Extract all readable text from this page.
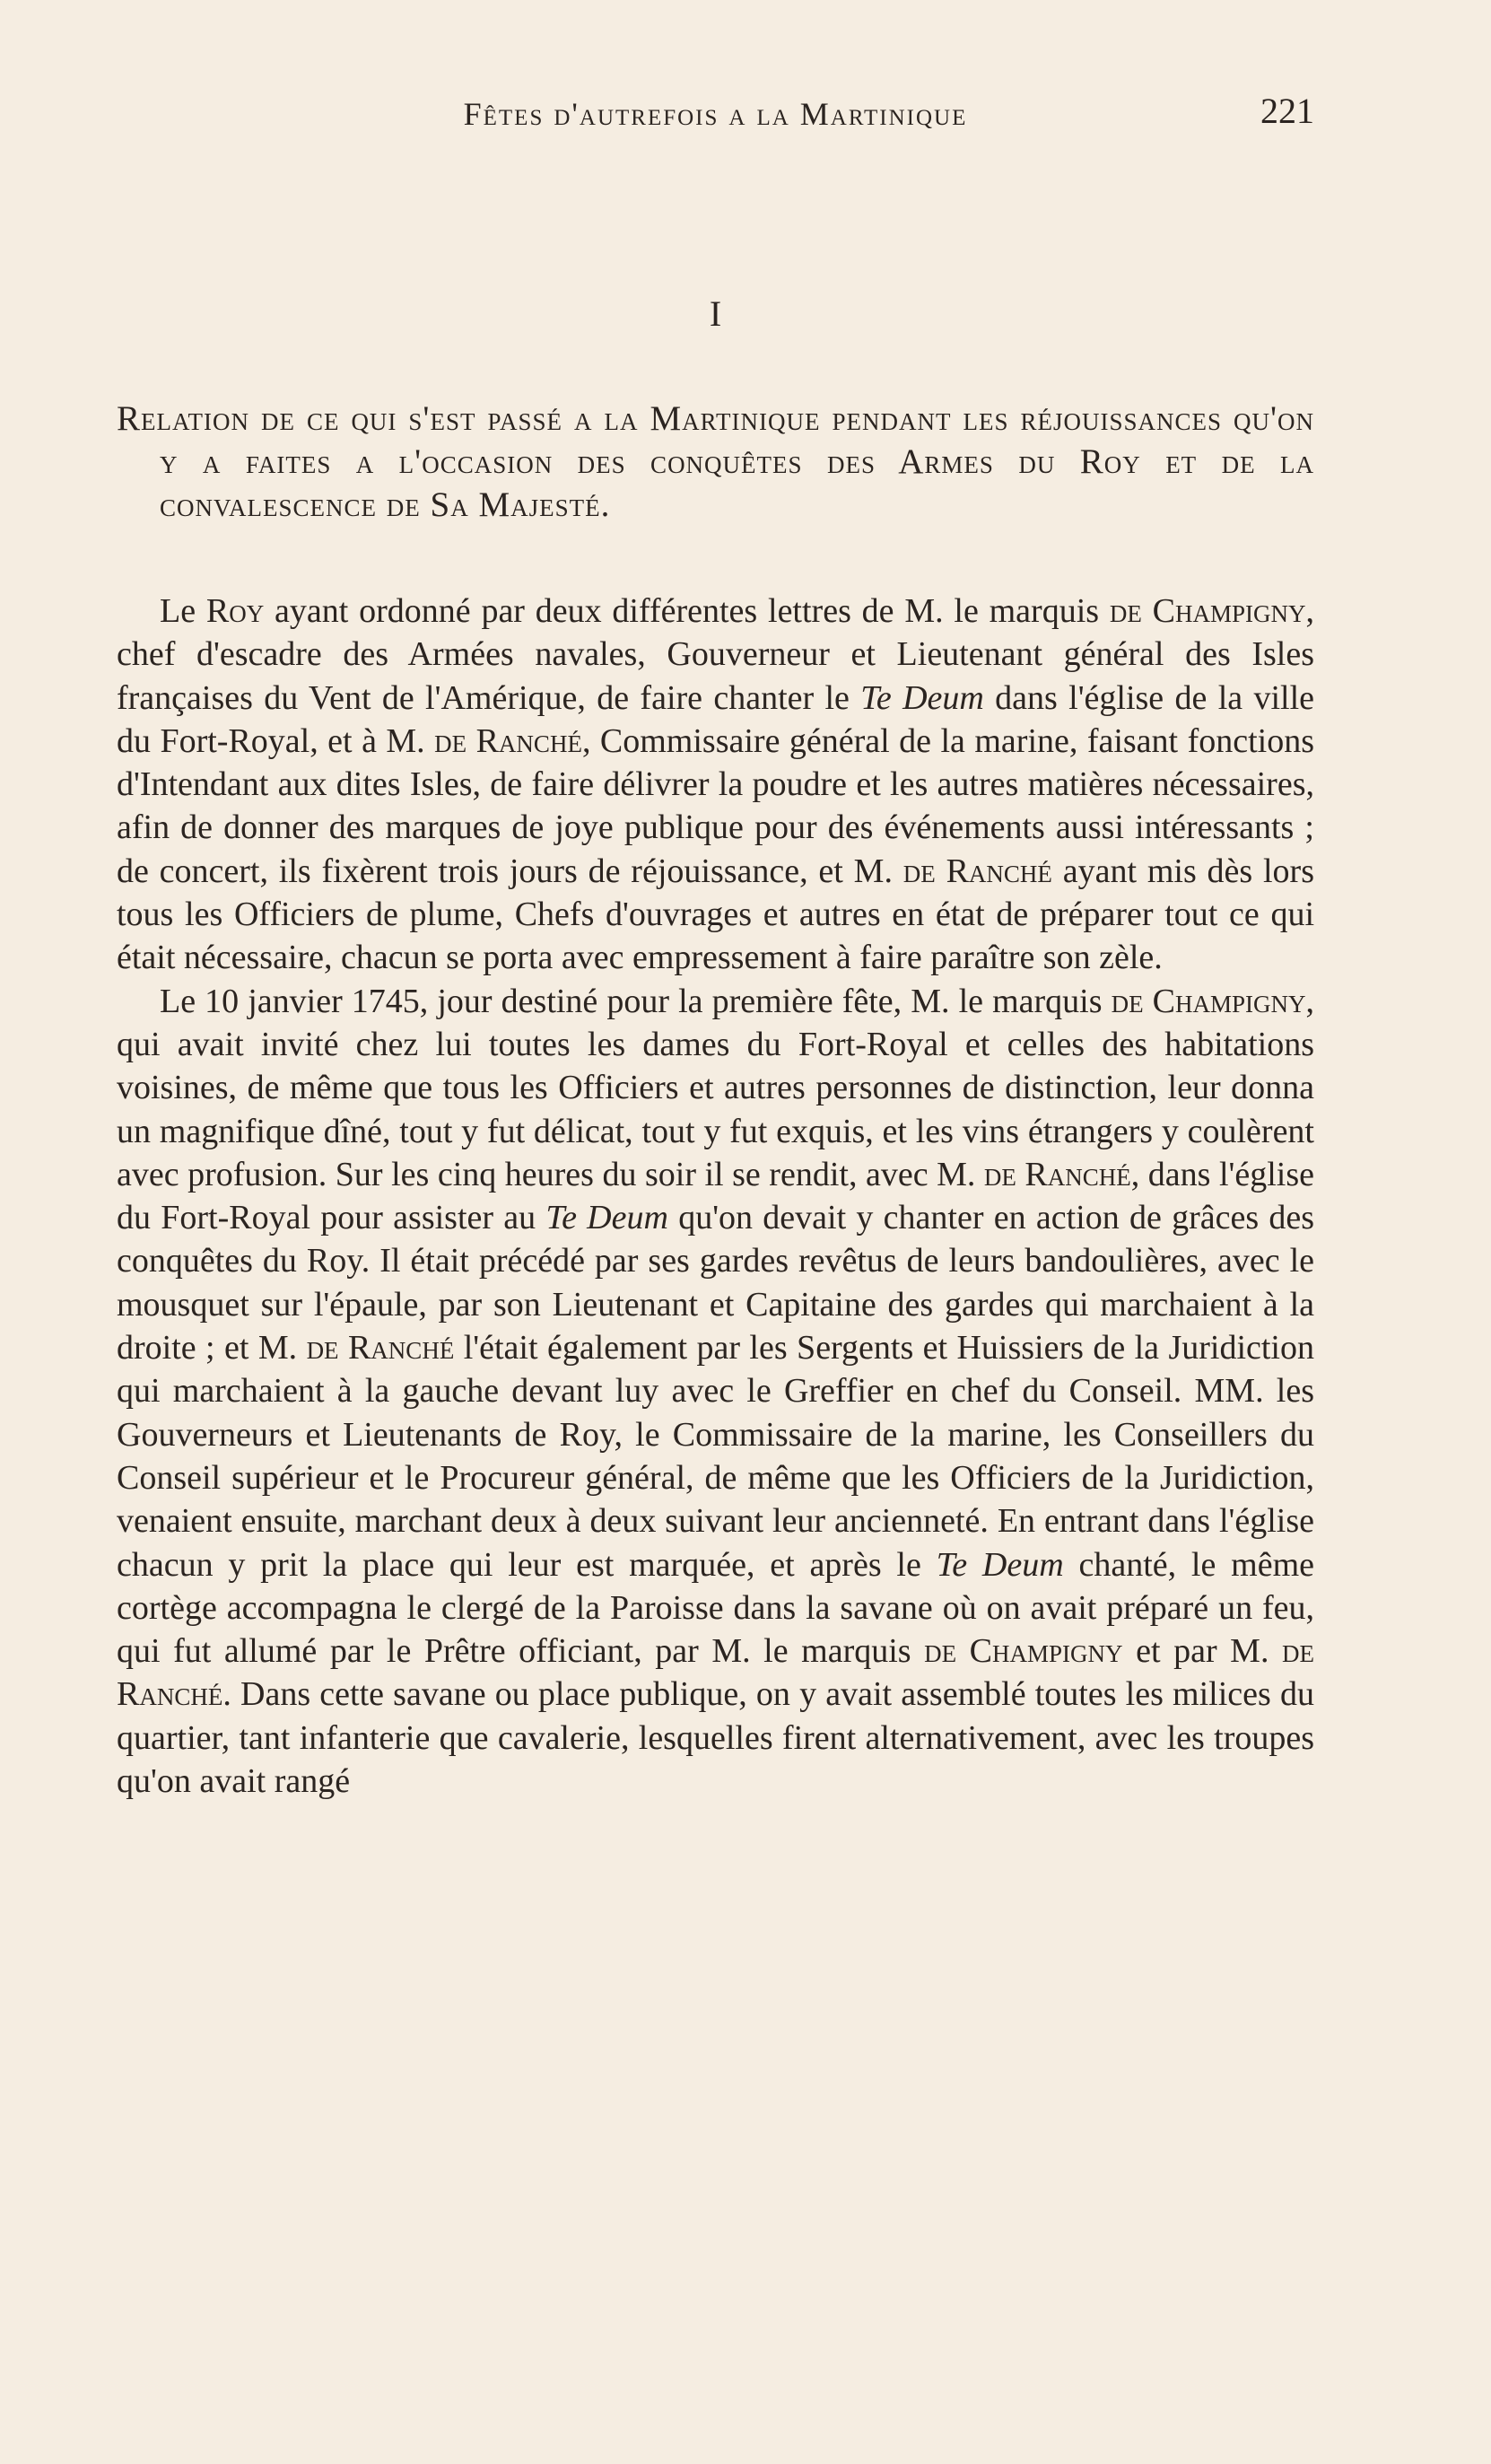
Fêtes d'autrefois a la Martinique	221
I

Relation de ce qui s'est passé a la Martinique pendant les réjouissances qu'on y a faites a l'occasion des conquêtes des Armes du Roy et de la convalescence de Sa Majesté.

Le Roy ayant ordonné par deux différentes lettres de M. le marquis de Champigny, chef d'escadre des Armées navales, Gouverneur et Lieutenant général des Isles françaises du Vent de l'Amérique, de faire chanter le Te Deum dans l'église de la ville du Fort-Royal, et à M. de Ranché, Commissaire général de la marine, faisant fonctions d'Intendant aux dites Isles, de faire délivrer la poudre et les autres matières nécessaires, afin de donner des marques de joye publique pour des événements aussi intéressants ; de concert, ils fixèrent trois jours de réjouissance, et M. de Ranché ayant mis dès lors tous les Officiers de plume, Chefs d'ouvrages et autres en état de préparer tout ce qui était nécessaire, chacun se porta avec empressement à faire paraître son zèle.

Le 10 janvier 1745, jour destiné pour la première fête, M. le marquis de Champigny, qui avait invité chez lui toutes les dames du Fort-Royal et celles des habitations voisines, de même que tous les Officiers et autres personnes de distinction, leur donna un magnifique dîné, tout y fut délicat, tout y fut exquis, et les vins étrangers y coulèrent avec profusion. Sur les cinq heures du soir il se rendit, avec M. de Ranché, dans l'église du Fort-Royal pour assister au Te Deum qu'on devait y chanter en action de grâces des conquêtes du Roy. Il était précédé par ses gardes revêtus de leurs bandoulières, avec le mousquet sur l'épaule, par son Lieutenant et Capitaine des gardes qui marchaient à la droite ; et M. de Ranché l'était également par les Sergents et Huissiers de la Juridiction qui marchaient à la gauche devant luy avec le Greffier en chef du Conseil. MM. les Gouverneurs et Lieutenants de Roy, le Commissaire de la marine, les Conseillers du Conseil supérieur et le Procureur général, de même que les Officiers de la Juridiction, venaient ensuite, marchant deux à deux suivant leur ancienneté. En entrant dans l'église chacun y prit la place qui leur est marquée, et après le Te Deum chanté, le même cortège accompagna le clergé de la Paroisse dans la savane où on avait préparé un feu, qui fut allumé par le Prêtre officiant, par M. le marquis de Champigny et par M. de Ranché. Dans cette savane ou place publique, on y avait assemblé toutes les milices du quartier, tant infanterie que cavalerie, lesquelles firent alternativement, avec les troupes qu'on avait rangé
